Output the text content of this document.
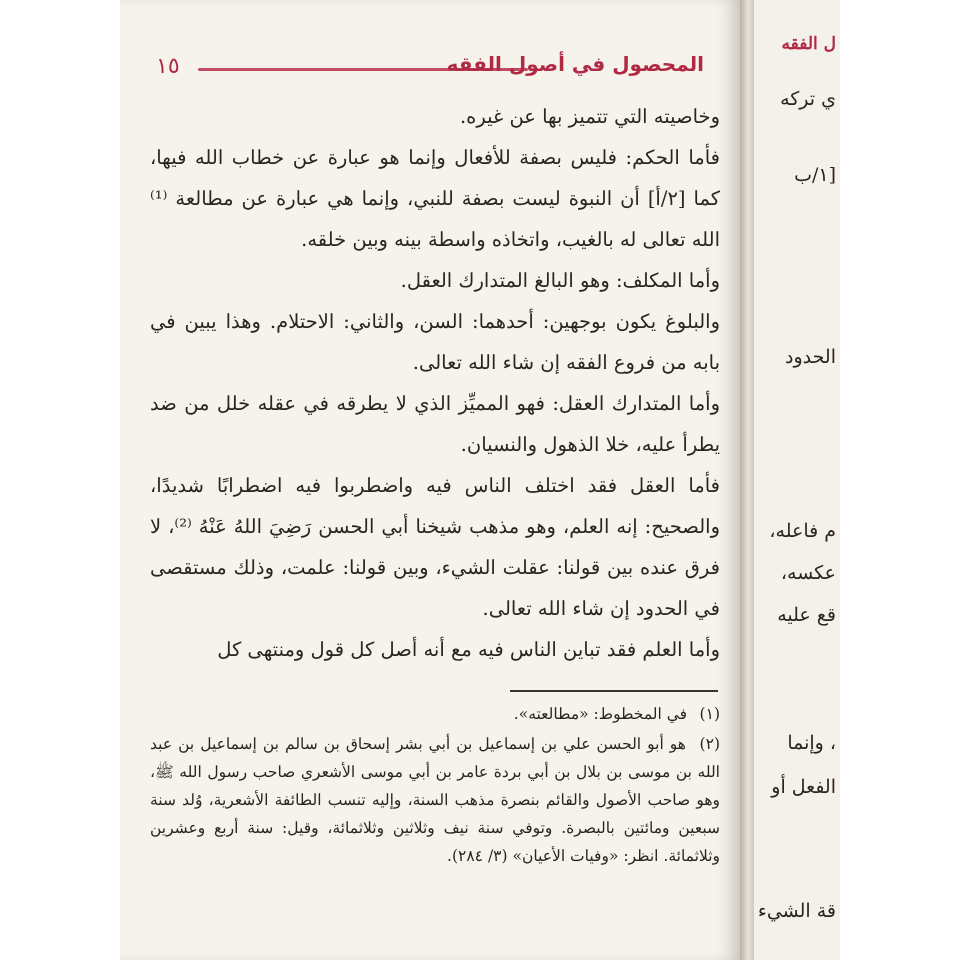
ل الفقه
ي تركه
[١/ب
الحدود
م فاعله،
عكسه،
قع عليه
، وإنما
الفعل أو
قة الشيء
١٥	المحصول في أصول الفقه

وخاصيته التي تتميز بها عن غيره.

فأما الحكم: فليس بصفة للأفعال وإنما هو عبارة عن خطاب الله فيها، كما [٢/أ] أن النبوة ليست بصفة للنبي، وإنما هي عبارة عن مطالعة ⁽¹⁾ الله تعالى له بالغيب، واتخاذه واسطة بينه وبين خلقه.

وأما المكلف: وهو البالغ المتدارك العقل.

والبلوغ يكون بوجهين: أحدهما: السن، والثاني: الاحتلام. وهذا يبين في بابه من فروع الفقه إن شاء الله تعالى.

وأما المتدارك العقل: فهو المميِّز الذي لا يطرقه في عقله خلل من ضد يطرأ عليه، خلا الذهول والنسيان.

فأما العقل فقد اختلف الناس فيه واضطربوا فيه اضطرابًا شديدًا، والصحيح: إنه العلم، وهو مذهب شيخنا أبي الحسن رَضِيَ اللهُ عَنْهُ ⁽²⁾، لا فرق عنده بين قولنا: عقلت الشيء، وبين قولنا: علمت، وذلك مستقصى في الحدود إن شاء الله تعالى.

وأما العلم فقد تباين الناس فيه مع أنه أصل كل قول ومنتهى كل

(١) في المخطوط: «مطالعته».

(٢) هو أبو الحسن علي بن إسماعيل بن أبي بشر إسحاق بن سالم بن إسماعيل بن عبد الله بن موسى بن بلال بن أبي بردة عامر بن أبي موسى الأشعري صاحب رسول الله ﷺ، وهو صاحب الأصول والقائم بنصرة مذهب السنة، وإليه تنسب الطائفة الأشعرية، وُلد سنة سبعين ومائتين بالبصرة. وتوفي سنة نيف وثلاثين وثلاثمائة، وقيل: سنة أربع وعشرين وثلاثمائة. انظر: «وفيات الأعيان» (٣/ ٢٨٤).
